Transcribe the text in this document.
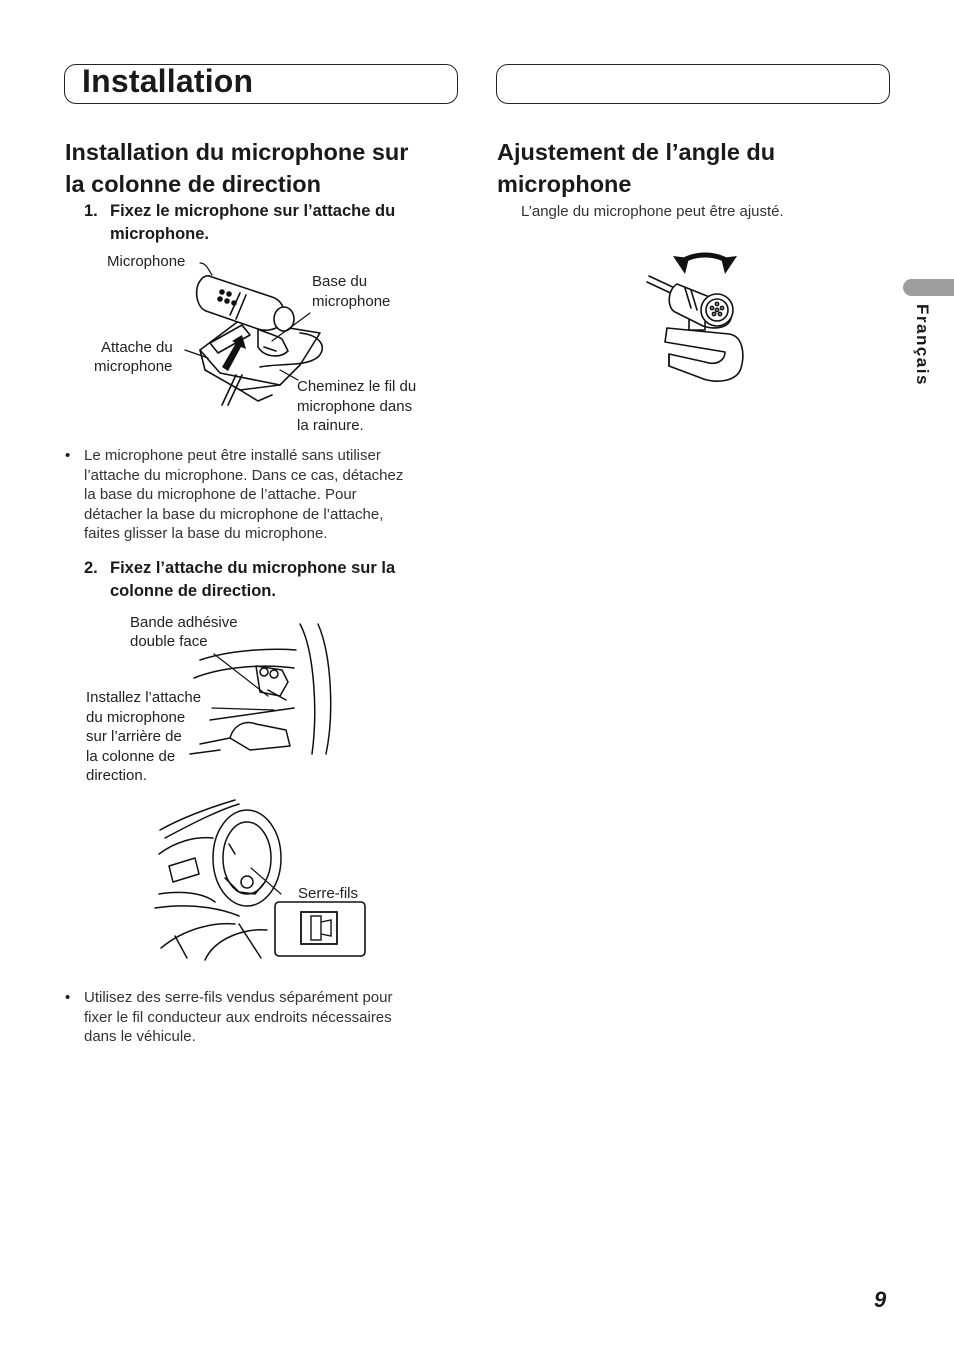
Installation
Installation du microphone sur
la colonne de direction
1. Fixez le microphone sur l’attache du
microphone.
Microphone
Base du
microphone
Attache du
microphone
Cheminez le fil du
microphone dans
la rainure.
• Le microphone peut être installé sans utiliser
l’attache du microphone. Dans ce cas, détachez
la base du microphone de l’attache. Pour
détacher la base du microphone de l’attache,
faites glisser la base du microphone.
2. Fixez l’attache du microphone sur la
colonne de direction.
Bande adhésive
double face
Installez l’attache
du microphone
sur l’arrière de
la colonne de
direction.
Serre-fils
• Utilisez des serre-fils vendus séparément pour
fixer le fil conducteur aux endroits nécessaires
dans le véhicule.
Ajustement de l’angle du
microphone
L’angle du microphone peut être ajusté.
Français
9
